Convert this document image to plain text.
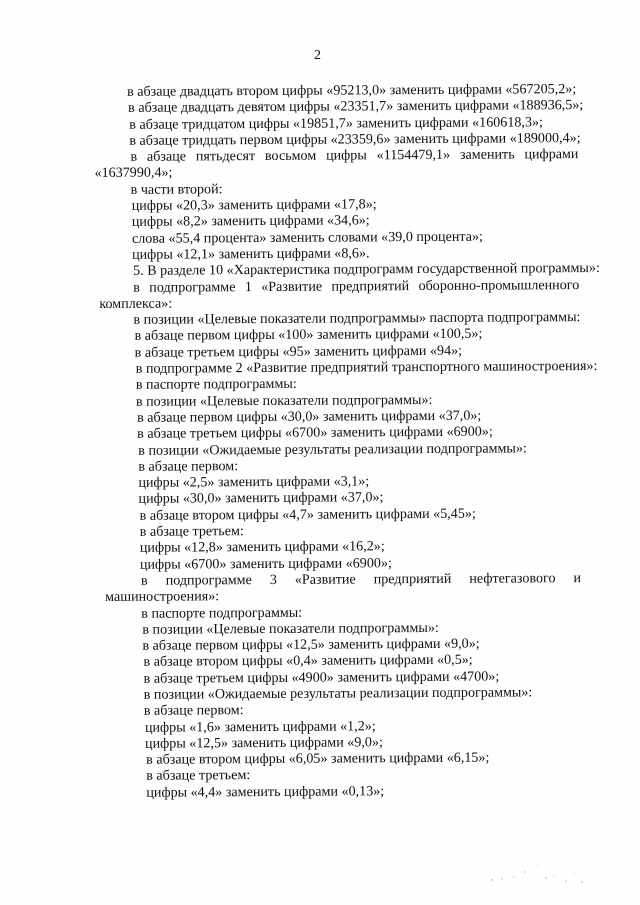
2
в абзаце двадцать втором цифры «95213,0» заменить цифрами «567205,2»;
в абзаце двадцать девятом цифры «23351,7» заменить цифрами «188936,5»;
в абзаце тридцатом цифры «19851,7» заменить цифрами «160618,3»;
в абзаце тридцать первом цифры «23359,6» заменить цифрами «189000,4»;
в абзаце пятьдесят восьмом цифры «1154479,1» заменить цифрами
«1637990,4»;
в части второй:
цифры «20,3» заменить цифрами «17,8»;
цифры «8,2» заменить цифрами «34,6»;
слова «55,4 процента» заменить словами «39,0 процента»;
цифры «12,1» заменить цифрами «8,6».
5. В разделе 10 «Характеристика подпрограмм государственной программы»:
в подпрограмме 1 «Развитие предприятий оборонно-промышленного
комплекса»:
в позиции «Целевые показатели подпрограммы» паспорта подпрограммы:
в абзаце первом цифры «100» заменить цифрами «100,5»;
в абзаце третьем цифры «95» заменить цифрами «94»;
в подпрограмме 2 «Развитие предприятий транспортного машиностроения»:
в паспорте подпрограммы:
в позиции «Целевые показатели подпрограммы»:
в абзаце первом цифры «30,0» заменить цифрами «37,0»;
в абзаце третьем цифры «6700» заменить цифрами «6900»;
в позиции «Ожидаемые результаты реализации подпрограммы»:
в абзаце первом:
цифры «2,5» заменить цифрами «3,1»;
цифры «30,0» заменить цифрами «37,0»;
в абзаце втором цифры «4,7» заменить цифрами «5,45»;
в абзаце третьем:
цифры «12,8» заменить цифрами «16,2»;
цифры «6700» заменить цифрами «6900»;
в подпрограмме 3 «Развитие предприятий нефтегазового и
машиностроения»:
в паспорте подпрограммы:
в позиции «Целевые показатели подпрограммы»:
в абзаце первом цифры «12,5» заменить цифрами «9,0»;
в абзаце втором цифры «0,4» заменить цифрами «0,5»;
в абзаце третьем цифры «4900» заменить цифрами «4700»;
в позиции «Ожидаемые результаты реализации подпрограммы»:
в абзаце первом:
цифры «1,6» заменить цифрами «1,2»;
цифры «12,5» заменить цифрами «9,0»;
в абзаце втором цифры «6,05» заменить цифрами «6,15»;
в абзаце третьем:
цифры «4,4» заменить цифрами «0,13»;
